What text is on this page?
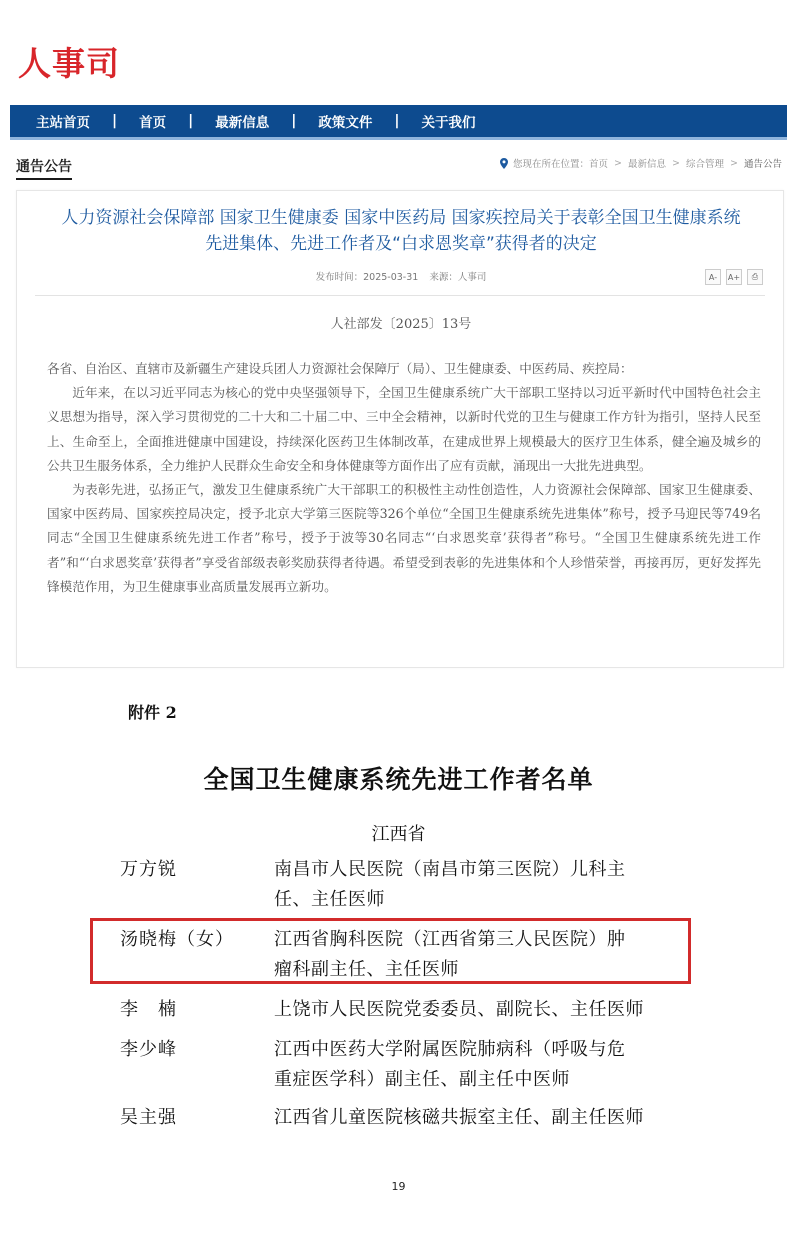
人事司
主站首页 | 首页 | 最新信息 | 政策文件 | 关于我们
通告公告	您现在所在位置： 首页 > 最新信息 > 综合管理 > 通告公告
人力资源社会保障部 国家卫生健康委 国家中医药局 国家疾控局关于表彰全国卫生健康系统
先进集体、先进工作者及“白求恩奖章”获得者的决定
发布时间：2025-03-31 来源：人事司	A-	A+	⎙
人社部发〔2025〕13号

各省、自治区、直辖市及新疆生产建设兵团人力资源社会保障厅（局）、卫生健康委、中医药局、疾控局：

近年来，在以习近平同志为核心的党中央坚强领导下，全国卫生健康系统广大干部职工坚持以习近平新时代中国特色社会主义思想为指导，深入学习贯彻党的二十大和二十届二中、三中全会精神，以新时代党的卫生与健康工作方针为指引，坚持人民至上、生命至上，全面推进健康中国建设，持续深化医药卫生体制改革，在建成世界上规模最大的医疗卫生体系，健全遍及城乡的公共卫生服务体系，全力维护人民群众生命安全和身体健康等方面作出了应有贡献，涌现出一大批先进典型。

为表彰先进，弘扬正气，激发卫生健康系统广大干部职工的积极性主动性创造性，人力资源社会保障部、国家卫生健康委、国家中医药局、国家疾控局决定，授予北京大学第三医院等326个单位“全国卫生健康系统先进集体”称号，授予马迎民等749名同志“全国卫生健康系统先进工作者”称号，授予于波等30名同志“‘白求恩奖章’获得者”称号。“全国卫生健康系统先进工作者”和“‘白求恩奖章’获得者”享受省部级表彰奖励获得者待遇。希望受到表彰的先进集体和个人珍惜荣誉，再接再厉，更好发挥先锋模范作用，为卫生健康事业高质量发展再立新功。

附件 2
全国卫生健康系统先进工作者名单
江西省
万方锐	南昌市人民医院（南昌市第三医院）儿科主
任、主任医师
汤晓梅（女） 江西省胸科医院（江西省第三人民医院）肿
瘤科副主任、主任医师
李　楠	上饶市人民医院党委委员、副院长、主任医师
李少峰	江西中医药大学附属医院肺病科（呼吸与危
重症医学科）副主任、副主任中医师
吴主强	江西省儿童医院核磁共振室主任、副主任医师
19
